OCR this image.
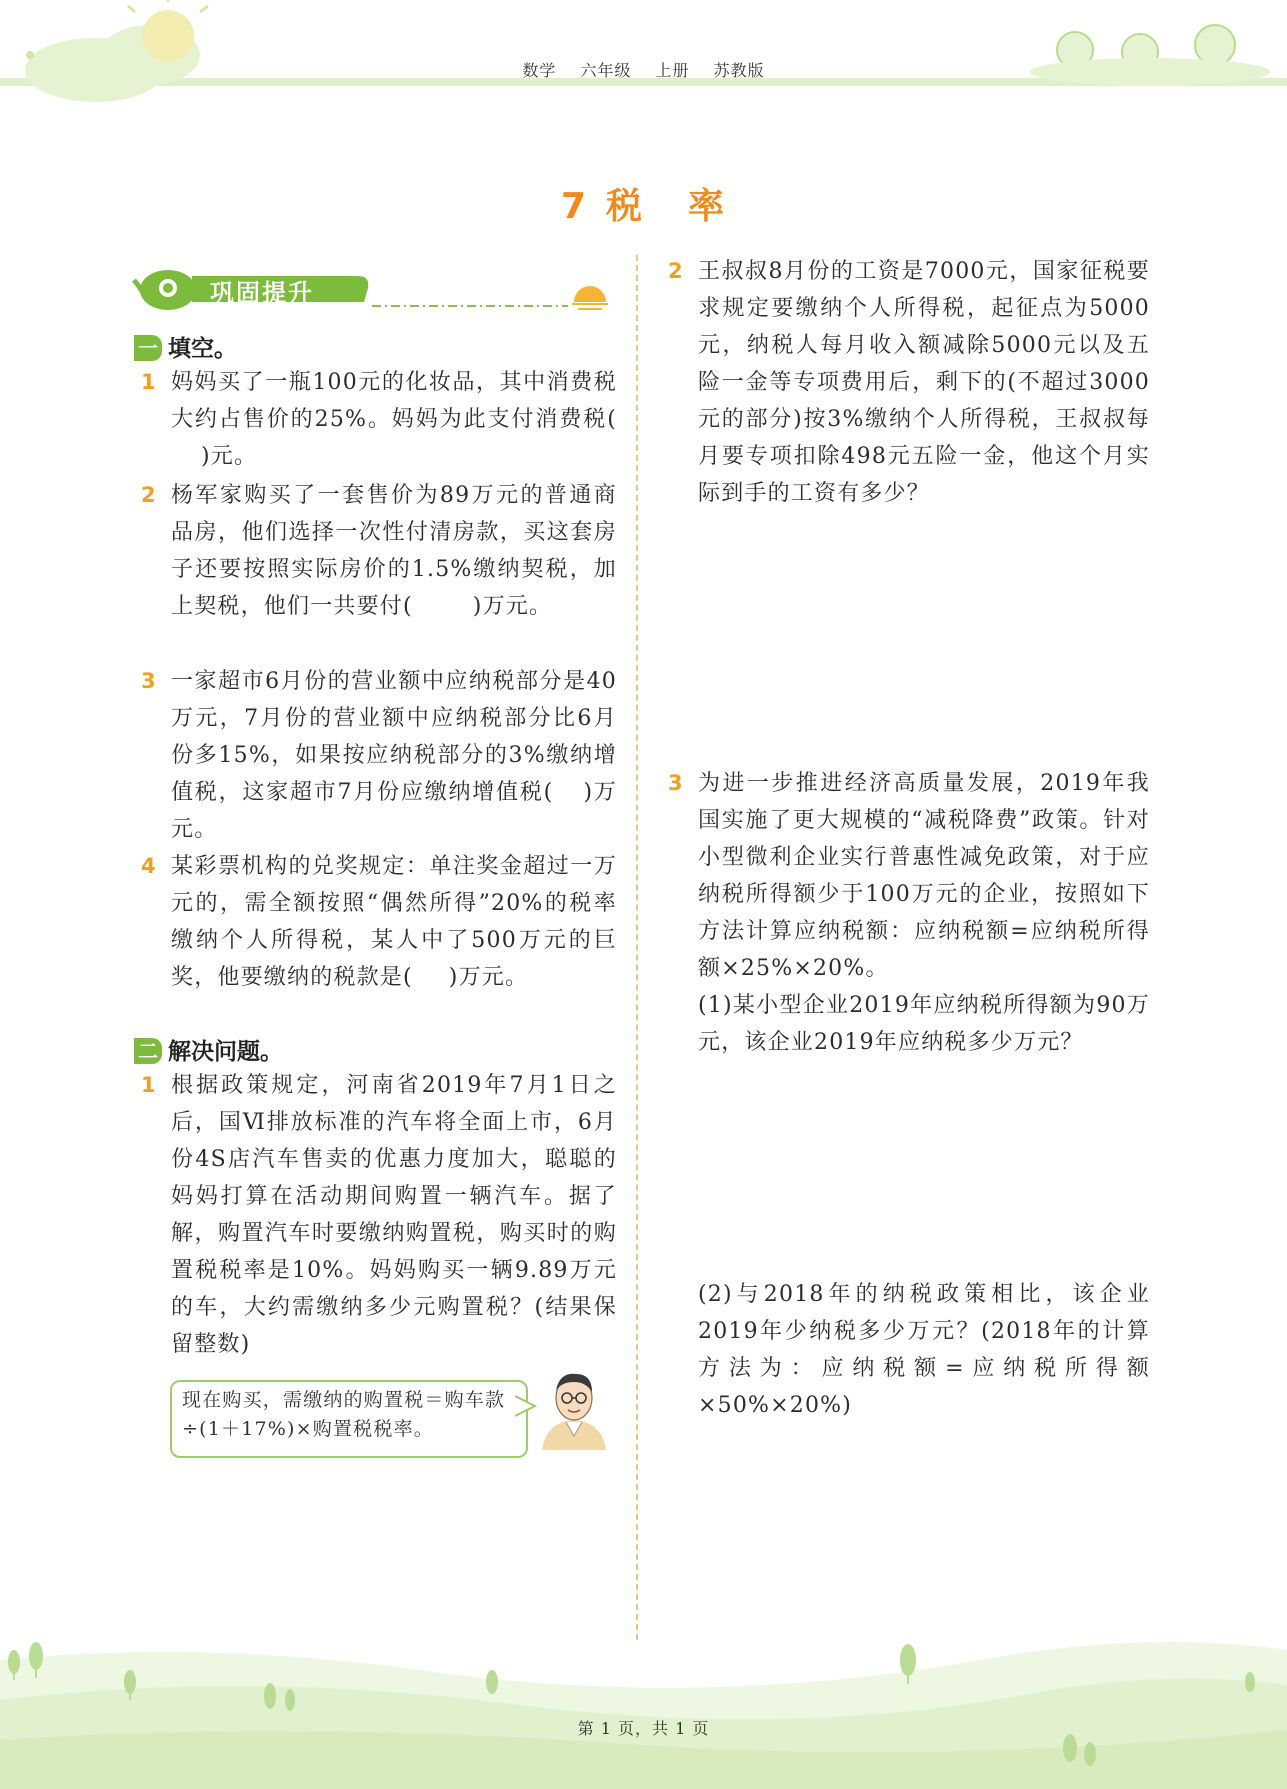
数学 六年级 上册 苏教版
7 税 率
巩固提升
一 填空。
1 妈妈买了一瓶100元的化妆品，其中消费税大约占售价的25%。妈妈为此支付消费税()元。
2 杨军家购买了一套售价为89万元的普通商品房，他们选择一次性付清房款，买这套房子还要按照实际房价的1.5%缴纳契税，加上契税，他们一共要付(	)万元。
3 一家超市6月份的营业额中应纳税部分是40万元，7月份的营业额中应纳税部分比6月份多15%，如果按应纳税部分的3%缴纳增值税，这家超市7月份应缴纳增值税( )万元。
4 某彩票机构的兑奖规定：单注奖金超过一万元的，需全额按照“偶然所得”20%的税率缴纳个人所得税，某人中了500万元的巨奖，他要缴纳的税款是( )万元。
二 解决问题。
1 根据政策规定，河南省2019年7月1日之后，国Ⅵ排放标准的汽车将全面上市，6月份4S店汽车售卖的优惠力度加大，聪聪的妈妈打算在活动期间购置一辆汽车。据了解，购置汽车时要缴纳购置税，购买时的购置税税率是10%。妈妈购买一辆9.89万元的车，大约需缴纳多少元购置税？(结果保留整数)
现在购买，需缴纳的购置税＝购车款÷(1＋17%)×购置税税率。
2 王叔叔8月份的工资是7000元，国家征税要求规定要缴纳个人所得税，起征点为5000元，纳税人每月收入额减除5000元以及五险一金等专项费用后，剩下的(不超过3000元的部分)按3%缴纳个人所得税，王叔叔每月要专项扣除498元五险一金，他这个月实际到手的工资有多少？
3 为进一步推进经济高质量发展，2019年我国实施了更大规模的“减税降费”政策。针对小型微利企业实行普惠性减免政策，对于应纳税所得额少于100万元的企业，按照如下方法计算应纳税额：应纳税额=应纳税所得额×25%×20%。
(1)某小型企业2019年应纳税所得额为90万元，该企业2019年应纳税多少万元？
(2)与2018年的纳税政策相比，该企业2019年少纳税多少万元？(2018年的计算方法为：应纳税额=应纳税所得额×50%×20%)
第 1 页，共 1 页
